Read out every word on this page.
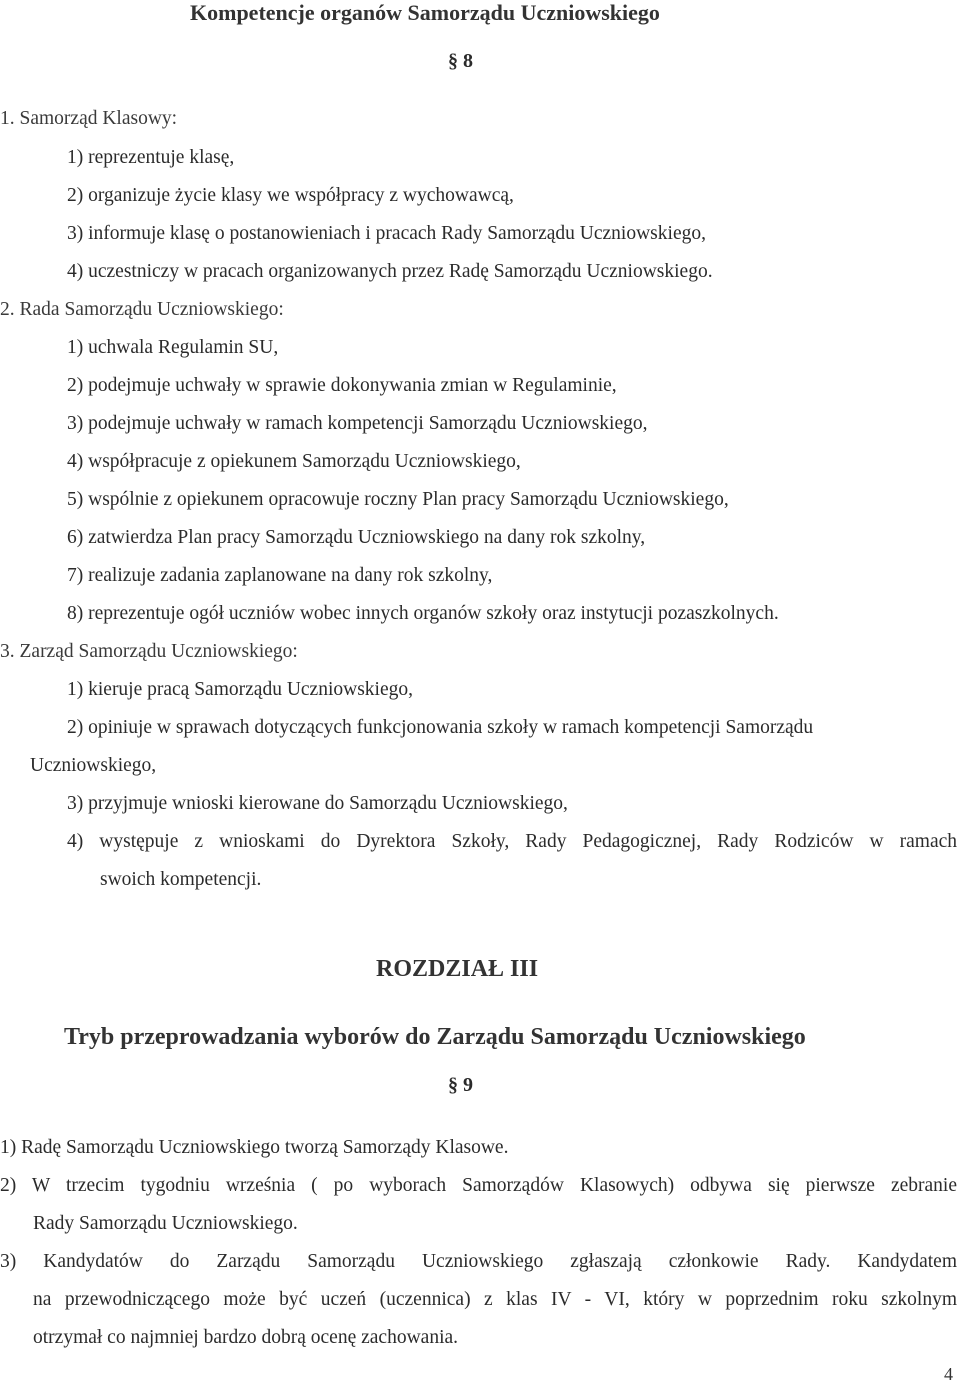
Kompetencje organów Samorządu Uczniowskiego
§ 8
1. Samorząd Klasowy:
1) reprezentuje klasę,
2) organizuje życie klasy we współpracy z wychowawcą,
3) informuje klasę o postanowieniach i pracach Rady Samorządu Uczniowskiego,
4) uczestniczy w pracach organizowanych przez Radę Samorządu Uczniowskiego.
2. Rada Samorządu Uczniowskiego:
1) uchwala Regulamin SU,
2) podejmuje uchwały w sprawie dokonywania zmian w Regulaminie,
3) podejmuje uchwały w ramach kompetencji Samorządu Uczniowskiego,
4) współpracuje z opiekunem Samorządu Uczniowskiego,
5) wspólnie z opiekunem opracowuje roczny Plan pracy Samorządu Uczniowskiego,
6) zatwierdza Plan pracy Samorządu Uczniowskiego na dany rok szkolny,
7) realizuje zadania zaplanowane na dany rok szkolny,
8) reprezentuje ogół uczniów wobec innych organów szkoły oraz instytucji pozaszkolnych.
3. Zarząd Samorządu Uczniowskiego:
1) kieruje pracą Samorządu Uczniowskiego,
2) opiniuje w sprawach dotyczących funkcjonowania szkoły w ramach kompetencji Samorządu
Uczniowskiego,
3) przyjmuje wnioski kierowane do Samorządu Uczniowskiego,
4) występuje z wnioskami do Dyrektora Szkoły, Rady Pedagogicznej, Rady Rodziców w ramach
swoich kompetencji.
ROZDZIAŁ III
Tryb przeprowadzania wyborów do Zarządu Samorządu Uczniowskiego
§ 9
1) Radę Samorządu Uczniowskiego tworzą Samorządy Klasowe.
2) W trzecim tygodniu września ( po wyborach Samorządów Klasowych) odbywa się pierwsze zebranie
Rady Samorządu Uczniowskiego.
3) Kandydatów do Zarządu Samorządu Uczniowskiego zgłaszają członkowie Rady. Kandydatem
na przewodniczącego może być uczeń (uczennica) z klas IV - VI, który w poprzednim roku szkolnym
otrzymał co najmniej bardzo dobrą ocenę zachowania.
4
